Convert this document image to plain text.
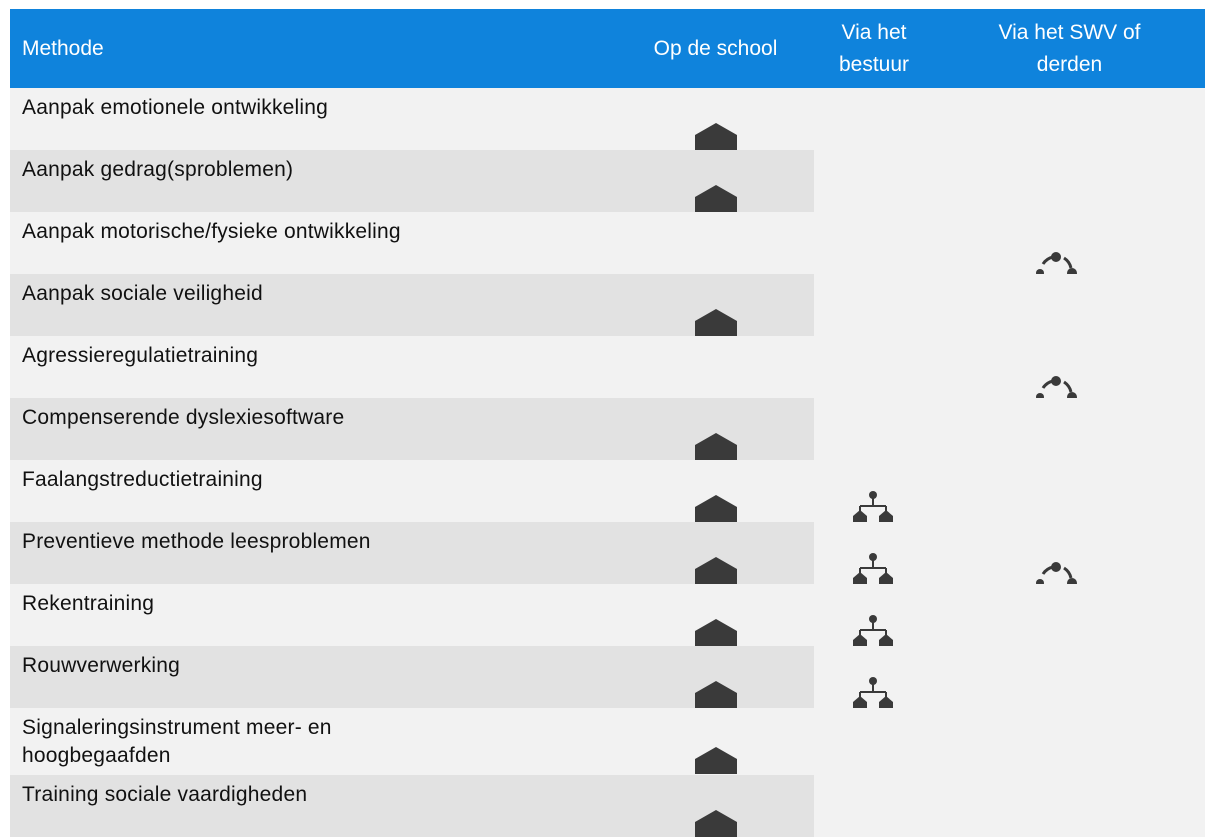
Methode	Op de school
Via het
bestuur
Via het SWV of
derden
Aanpak emotionele ontwikkeling
Aanpak gedrag(sproblemen)
Aanpak motorische/fysieke ontwikkeling
Aanpak sociale veiligheid
Agressieregulatietraining
Compenserende dyslexiesoftware
Faalangstreductietraining
Preventieve methode leesproblemen
Rekentraining
Rouwverwerking
Signaleringsinstrument meer- en
hoogbegaafden
Training sociale vaardigheden
